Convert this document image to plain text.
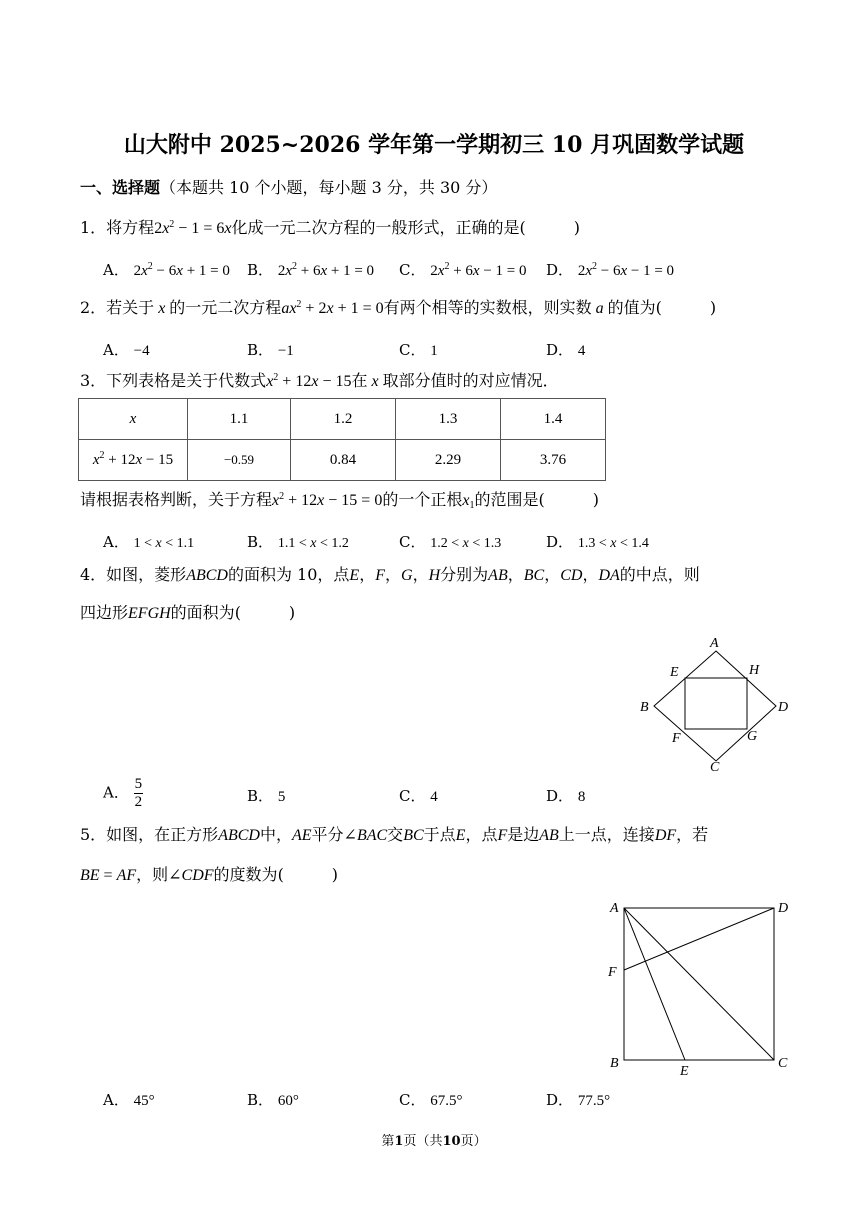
山大附中 2025~2026 学年第一学期初三 10 月巩固数学试题
一、选择题（本题共 10 个小题，每小题 3 分，共 30 分）
1．将方程$2x^2 - 1 = 6x$化成一元二次方程的一般形式，正确的是(　　　)
A． $2x^2 - 6x + 1 = 0$ B． $2x^2 + 6x + 1 = 0$ C． $2x^2 + 6x - 1 = 0$ D． $2x^2 - 6x - 1 = 0$
2．若关于 x 的一元二次方程$ax^2 + 2x + 1 = 0$有两个相等的实数根，则实数 a 的值为(　　　)
A． −4	B． −1	C． 1	D． 4
3．下列表格是关于代数式$x^2 + 12x - 15$在 x 取部分值时的对应情况．
x	1.1	1.2	1.3	1.4
$x^2 + 12x - 15$	−0.59	0.84	2.29	3.76
请根据表格判断，关于方程$x^2 + 12x - 15 = 0$的一个正根$x_1$的范围是(　　　)
A． 1 < x < 1.1	B． 1.1 < x < 1.2	C． 1.2 < x < 1.3	D． 1.3 < x < 1.4
4．如图，菱形ABCD的面积为 10，点E，F，G，H分别为AB，BC，CD，DA的中点，则
四边形EFGH的面积为(　　　)
A
B
C
D
E
F	G
H
A． $\frac{5}{2}$	B． 5	C． 4	D． 8
5．如图，在正方形ABCD中，AE平分∠BAC交BC于点E，点F是边AB上一点，连接DF，若
BE = AF，则∠CDF的度数为(　　　)
A
B	C
D
E
F
A． 45°	B． 60°	C． 67.5°	D． 77.5°
第1页（共10页）
